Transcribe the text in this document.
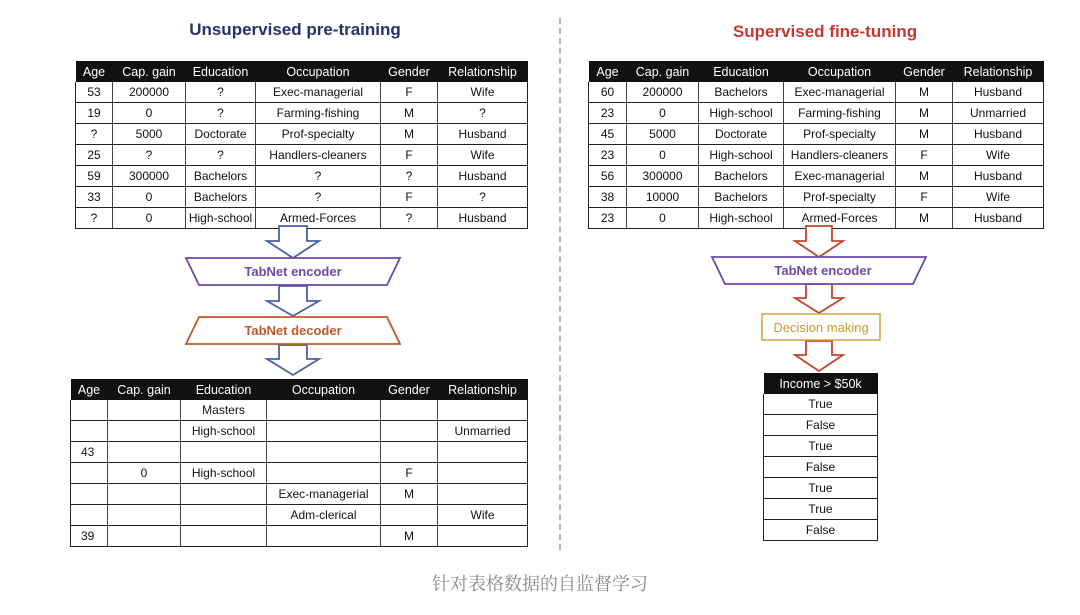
Unsupervised pre-training	Supervised fine-tuning
Age	Cap. gain	Education	Occupation	Gender	Relationship
53	200000	?	Exec-managerial	F	Wife
19	0	?	Farming-fishing	M	?
?	5000	Doctorate	Prof-specialty	M	Husband
25	?	?	Handlers-cleaners	F	Wife
59	300000	Bachelors	?	?	Husband
33	0	Bachelors	?	F	?
?	0	High-school	Armed-Forces	?	Husband
Age	Cap. gain	Education	Occupation	Gender	Relationship
		Masters			
		High-school			Unmarried
43					
	0	High-school		F	
			Exec-managerial	M	
			Adm-clerical		Wife
39				M	
Age	Cap. gain	Education	Occupation	Gender	Relationship
60	200000	Bachelors	Exec-managerial	M	Husband
23	0	High-school	Farming-fishing	M	Unmarried
45	5000	Doctorate	Prof-specialty	M	Husband
23	0	High-school	Handlers-cleaners	F	Wife
56	300000	Bachelors	Exec-managerial	M	Husband
38	10000	Bachelors	Prof-specialty	F	Wife
23	0	High-school	Armed-Forces	M	Husband
Income > $50k
True
False
True
False
True
True
False
TabNet encoder
TabNet decoder
TabNet encoder
Decision making
针对表格数据的自监督学习
